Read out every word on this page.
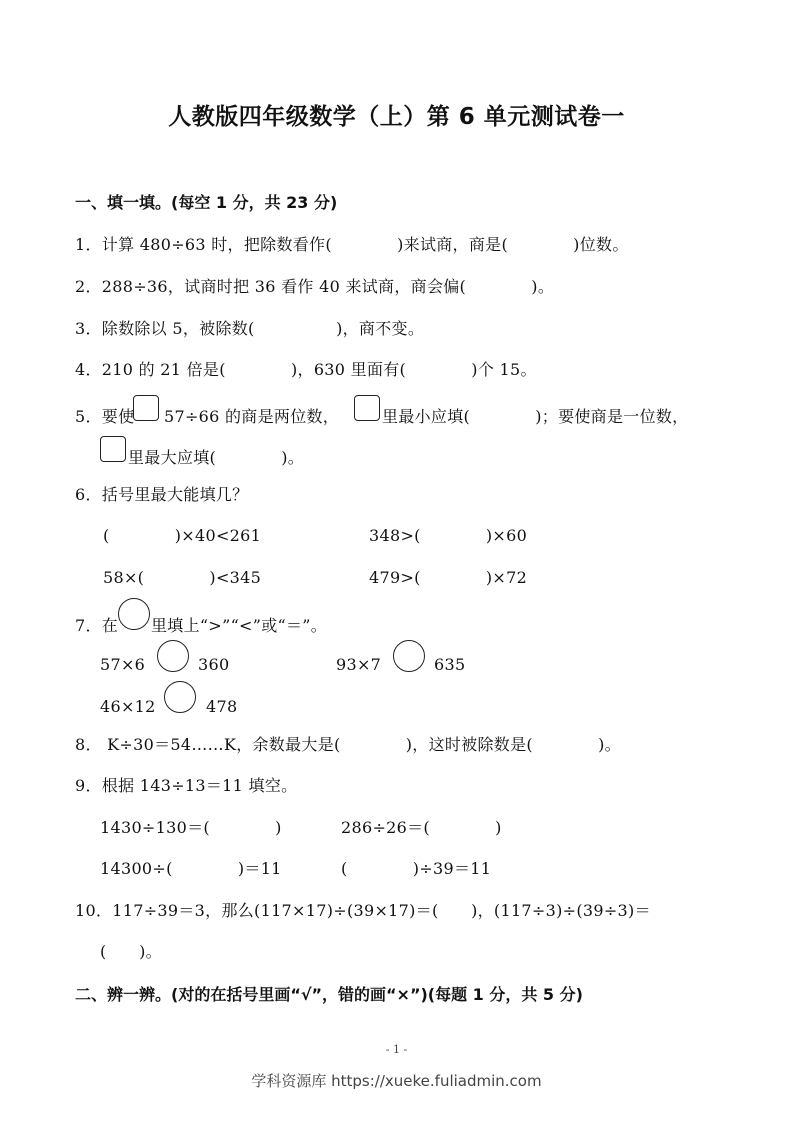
人教版四年级数学（上）第 6 单元测试卷一
一、填一填。(每空 1 分，共 23 分)
1．计算 480÷63 时，把除数看作(　　　　)来试商，商是(　　　　)位数。
2．288÷36，试商时把 36 看作 40 来试商，商会偏(　　　　)。
3．除数除以 5，被除数(　　　　　)，商不变。
4．210 的 21 倍是(　　　　)，630 里面有(　　　　)个 15。
5．要使 57÷66 的商是两位数，	里最小应填(　　　　)；要使商是一位数，
里最大应填(　　　　)。
6．括号里最大能填几？
(　　　　)×40<261	348>(　　　　)×60
58×(　　　　)<345	479>(　　　　)×72
7．在 里填上“>”“<”或“＝”。
57×6	360	93×7	635
46×12	478
8． K÷30＝54……K，余数最大是(　　　　)，这时被除数是(　　　　)。
9．根据 143÷13＝11 填空。
1430÷130＝(　　　　)	286÷26＝(　　　　)
14300÷(　　　　)＝11	(　　　　)÷39＝11
10．117÷39＝3，那么(117×17)÷(39×17)＝(　　)，(117÷3)÷(39÷3)＝
(　　)。
二、辨一辨。(对的在括号里画“√”，错的画“×”)(每题 1 分，共 5 分)
- 1 -
学科资源库 https://xueke.fuliadmin.com
